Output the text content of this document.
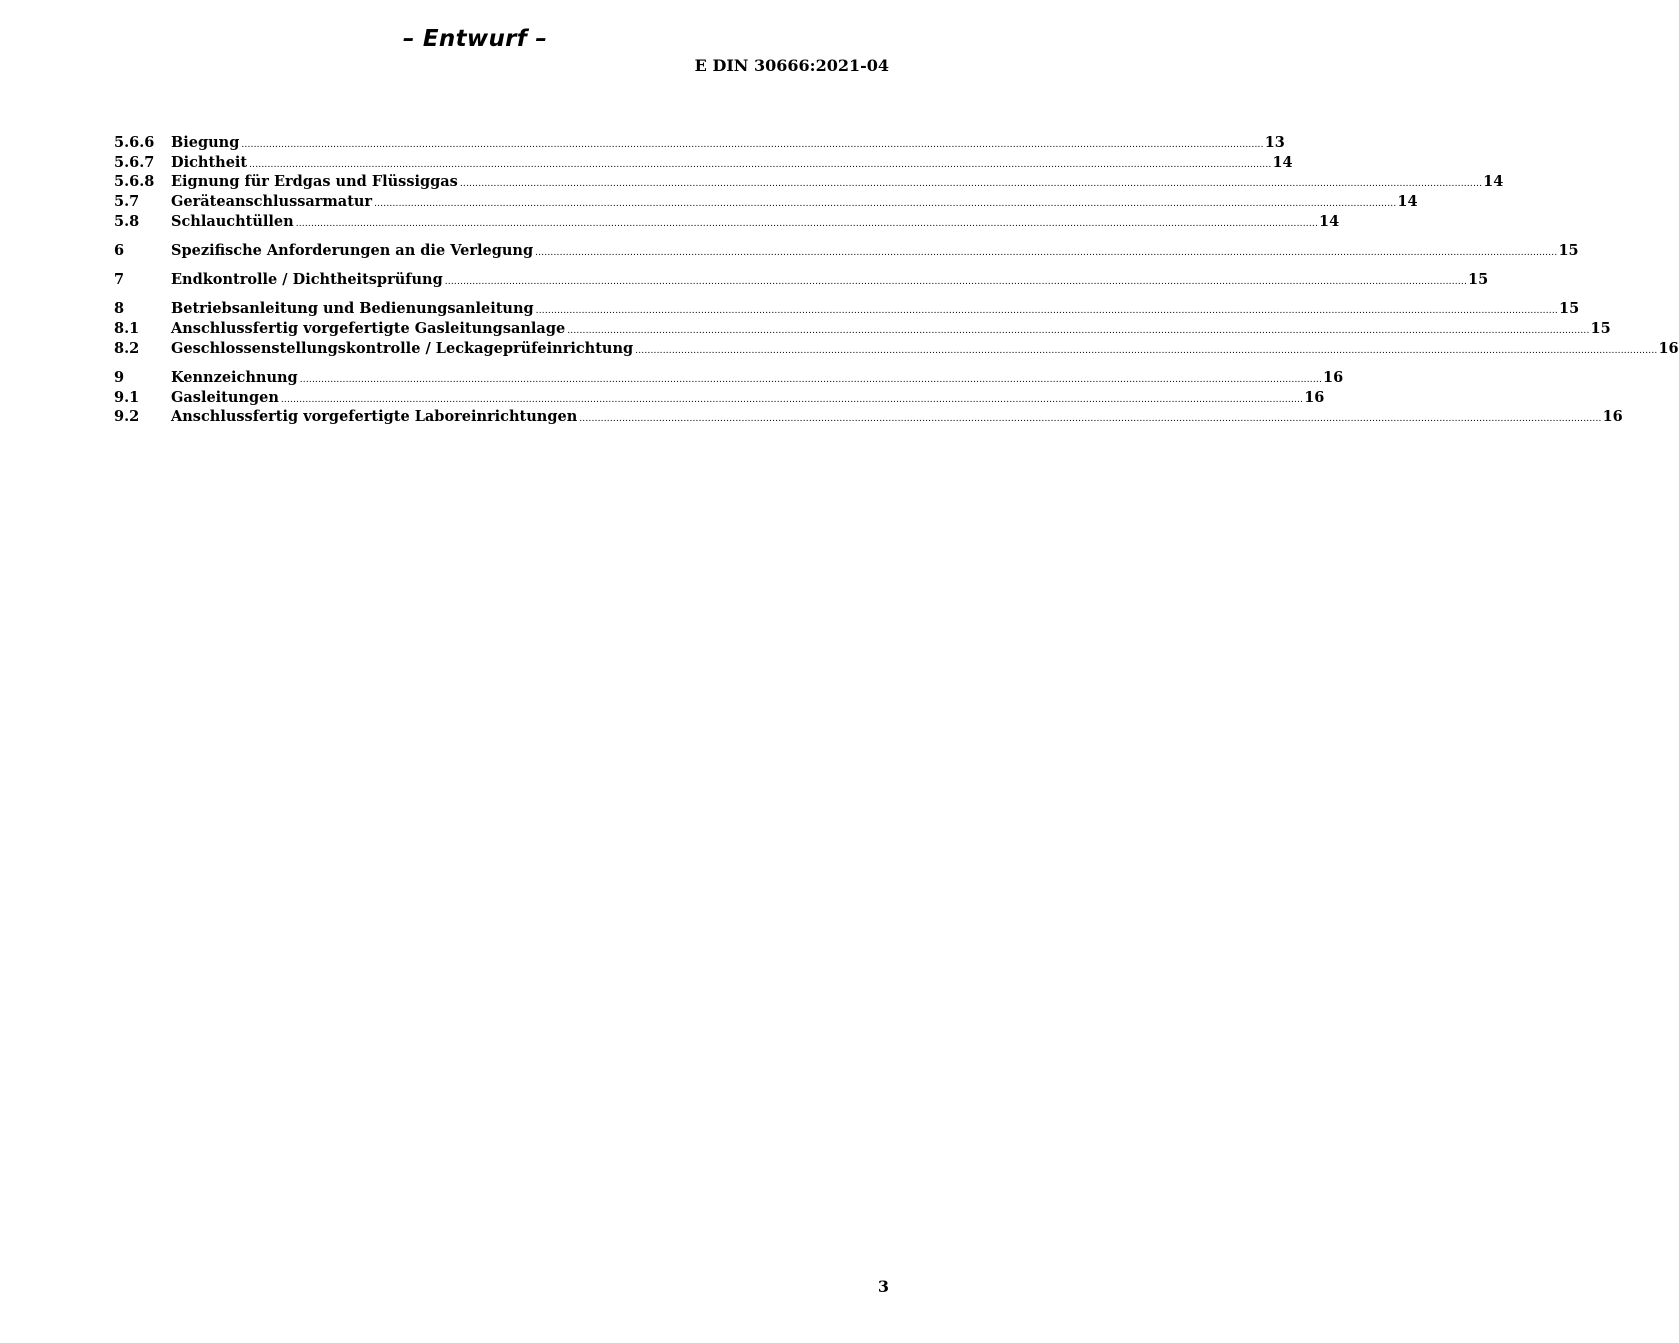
– Entwurf –
E DIN 30666:2021-04
5.6.6	Biegung .....	13
5.6.7	Dichtheit .....	14
5.6.8	Eignung für Erdgas und Flüssiggas .....	14
5.7	Geräteanschlussarmatur .....	14
5.8	Schlauchtüllen .....	14
6	Spezifische Anforderungen an die Verlegung .....	15
7	Endkontrolle / Dichtheitsprüfung .....	15
8	Betriebsanleitung und Bedienungsanleitung .....	15
8.1	Anschlussfertig vorgefertigte Gasleitungsanlage .....	15
8.2	Geschlossenstellungskontrolle / Leckageprüfeinrichtung .....	16
9	Kennzeichnung .....	16
9.1	Gasleitungen .....	16
9.2	Anschlussfertig vorgefertigte Laboreinrichtungen .....	16
3
